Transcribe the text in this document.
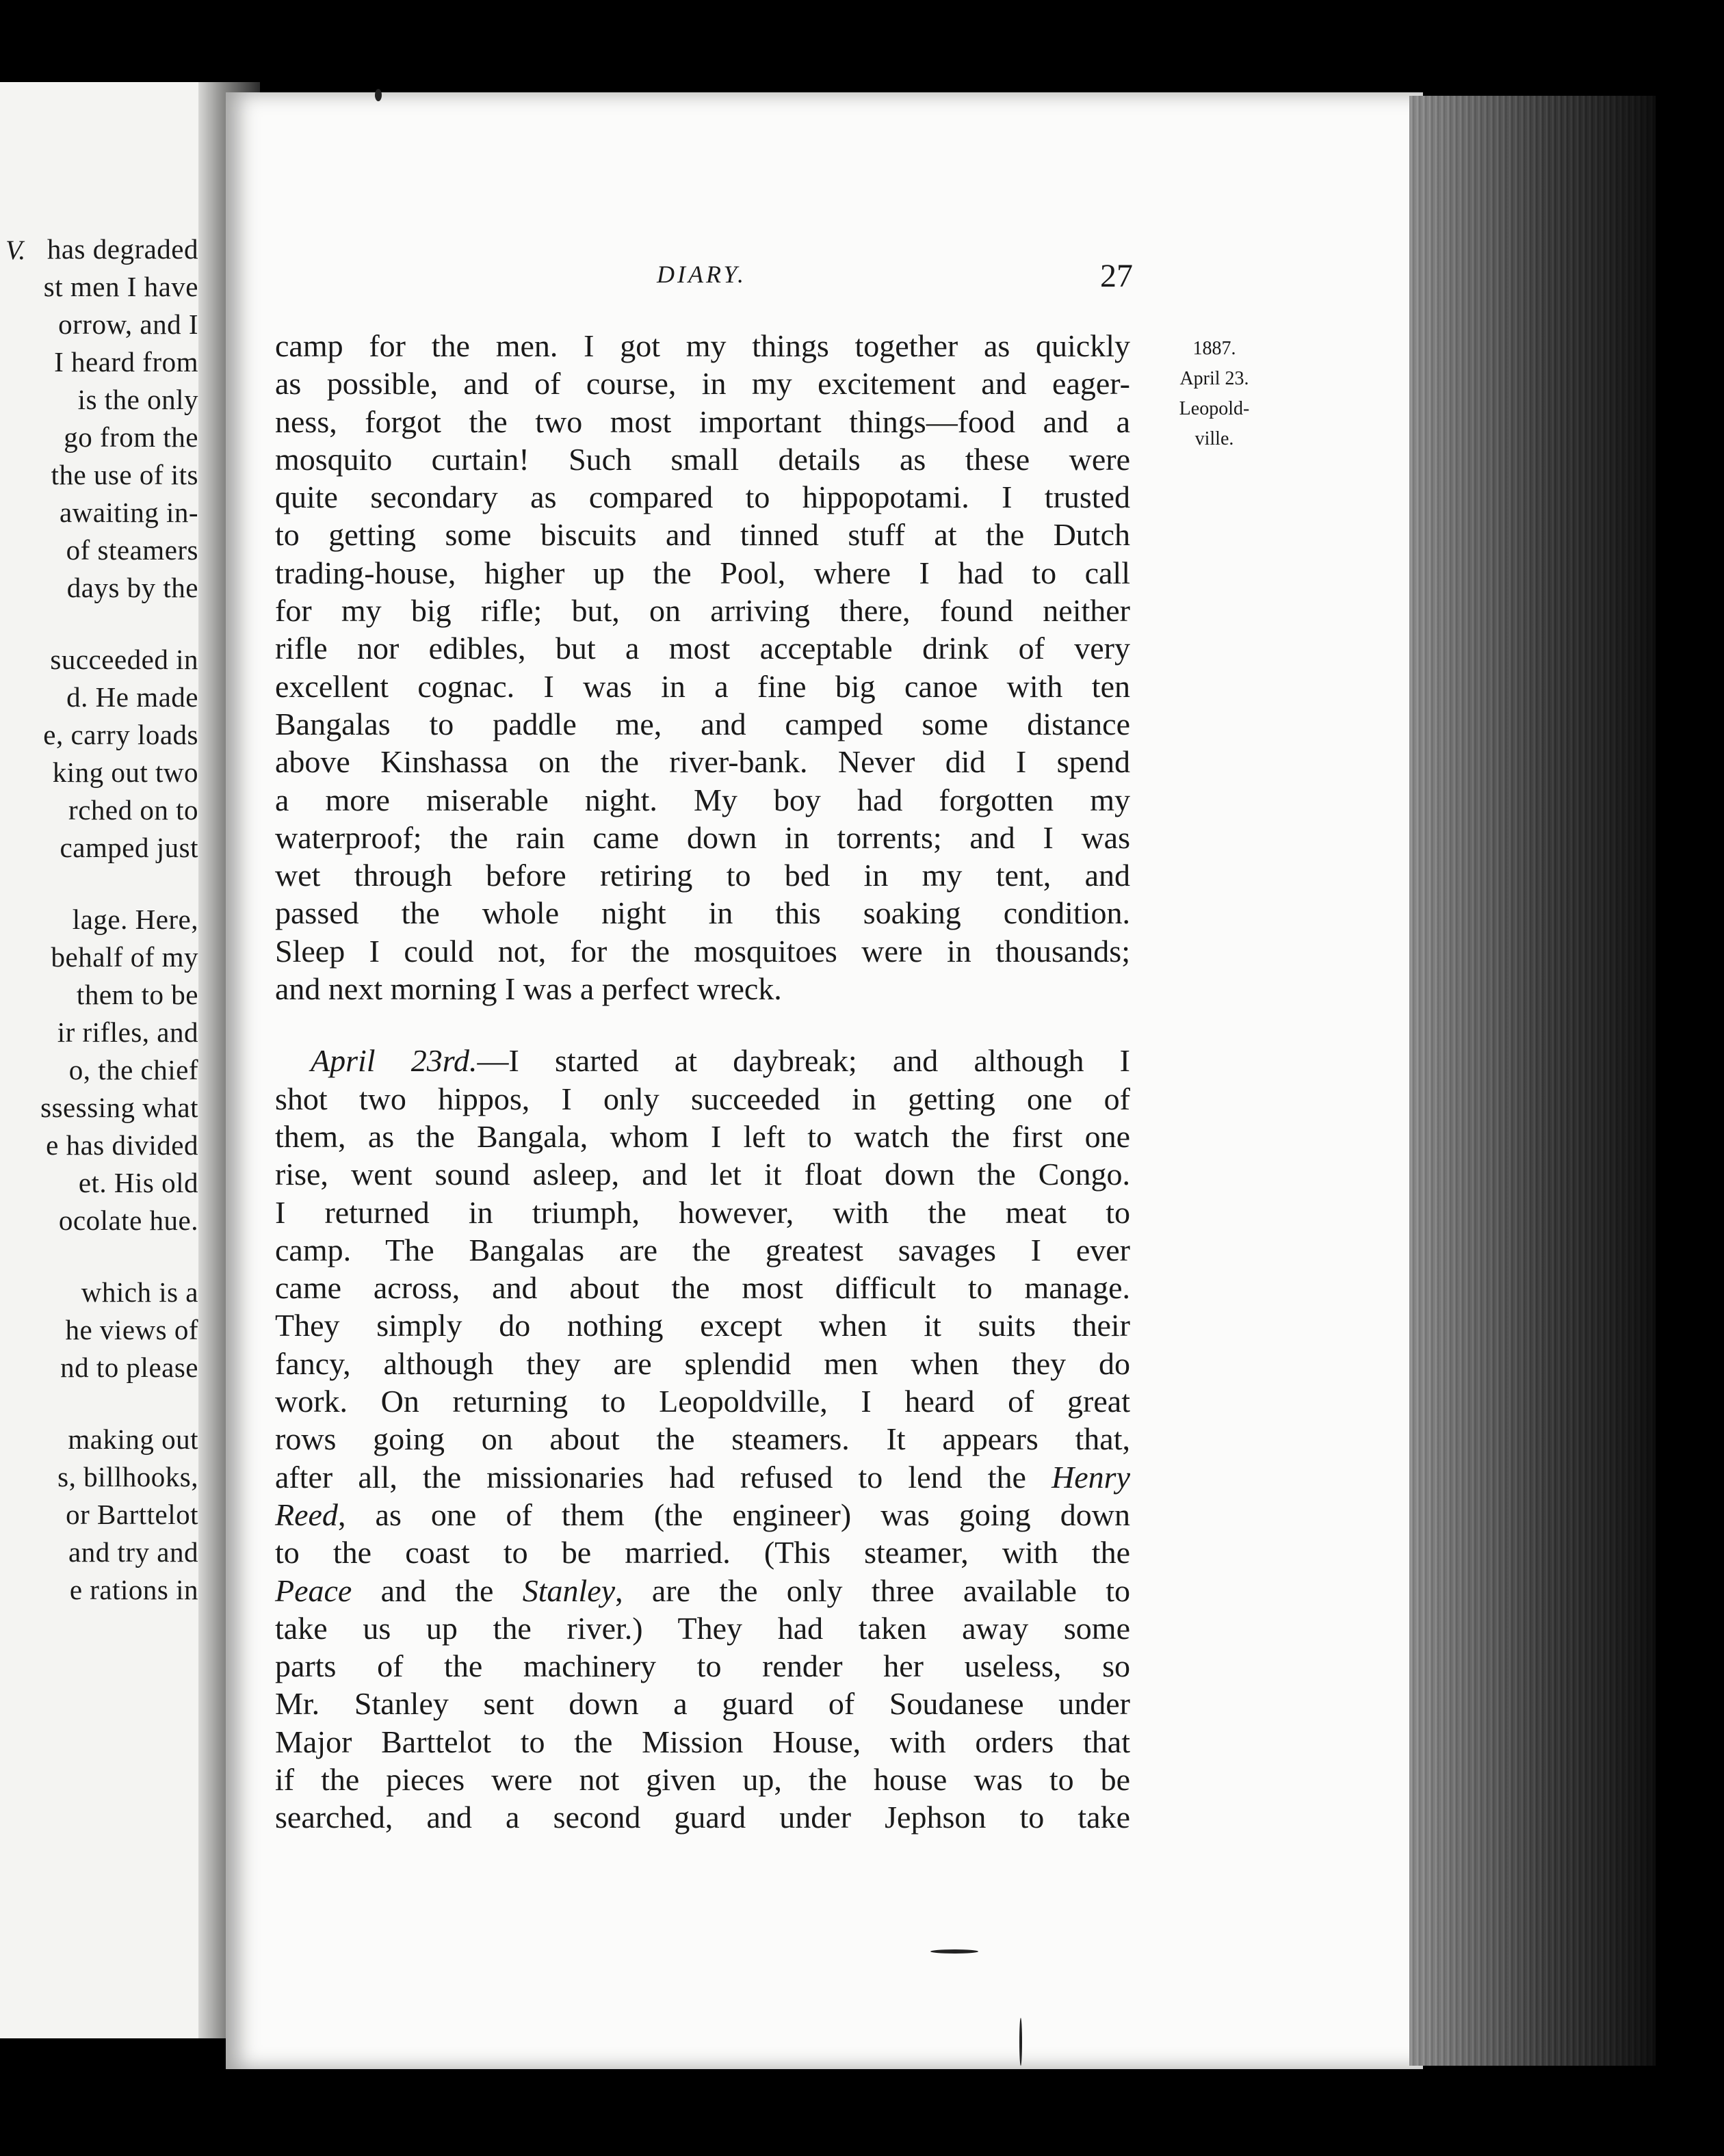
V. has degraded
st men I have
orrow, and I
I heard from
is the only
go from the
the use of its
awaiting in-
of steamers
days by the
succeeded in
d. He made
e, carry loads
king out two
rched on to
camped just
lage. Here,
behalf of my
them to be
ir rifles, and
o, the chief
ssessing what
e has divided
et. His old
ocolate hue.
which is a
he views of
nd to please
making out
s, billhooks,
or Barttelot
and try and
e rations in
DIARY.	27
1887.
April 23.
Leopold-
ville.
camp for the men. I got my things together as quickly
as possible, and of course, in my excitement and eager-
ness, forgot the two most important things—food and a
mosquito curtain! Such small details as these were
quite secondary as compared to hippopotami. I trusted
to getting some biscuits and tinned stuff at the Dutch
trading-house, higher up the Pool, where I had to call
for my big rifle; but, on arriving there, found neither
rifle nor edibles, but a most acceptable drink of very
excellent cognac. I was in a fine big canoe with ten
Bangalas to paddle me, and camped some distance
above Kinshassa on the river-bank. Never did I spend
a more miserable night. My boy had forgotten my
waterproof; the rain came down in torrents; and I was
wet through before retiring to bed in my tent, and
passed the whole night in this soaking condition.
Sleep I could not, for the mosquitoes were in thousands;
and next morning I was a perfect wreck.
April 23rd.—I started at daybreak; and although I
shot two hippos, I only succeeded in getting one of
them, as the Bangala, whom I left to watch the first one
rise, went sound asleep, and let it float down the Congo.
I returned in triumph, however, with the meat to
camp. The Bangalas are the greatest savages I ever
came across, and about the most difficult to manage.
They simply do nothing except when it suits their
fancy, although they are splendid men when they do
work. On returning to Leopoldville, I heard of great
rows going on about the steamers. It appears that,
after all, the missionaries had refused to lend the Henry
Reed, as one of them (the engineer) was going down
to the coast to be married. (This steamer, with the
Peace and the Stanley, are the only three available to
take us up the river.) They had taken away some
parts of the machinery to render her useless, so
Mr. Stanley sent down a guard of Soudanese under
Major Barttelot to the Mission House, with orders that
if the pieces were not given up, the house was to be
searched, and a second guard under Jephson to take
